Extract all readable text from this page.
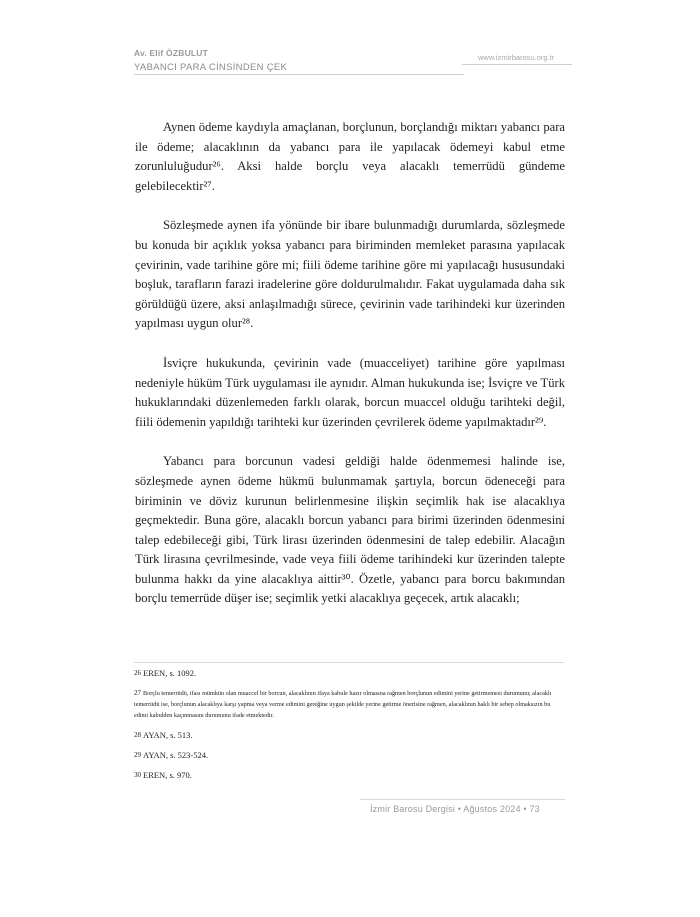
Av. Elif ÖZBULUT
YABANCI PARA CİNSİNDEN ÇEK
www.izmirbarosu.org.tr

Aynen ödeme kaydıyla amaçlanan, borçlunun, borçlandığı miktarı yabancı para ile ödeme; alacaklının da yabancı para ile yapılacak ödemeyi kabul etme zorunluluğudur²⁶. Aksi halde borçlu veya alacaklı temerrüdü gündeme gelebilecektir²⁷.

Sözleşmede aynen ifa yönünde bir ibare bulunmadığı durumlarda, sözleşmede bu konuda bir açıklık yoksa yabancı para biriminden memleket parasına yapılacak çevirinin, vade tarihine göre mi; fiili ödeme tarihine göre mi yapılacağı hususundaki boşluk, tarafların farazi iradelerine göre doldurulmalıdır. Fakat uygulamada daha sık görüldüğü üzere, aksi anlaşılmadığı sürece, çevirinin vade tarihindeki kur üzerinden yapılması uygun olur²⁸.

İsviçre hukukunda, çevirinin vade (muacceliyet) tarihine göre yapılması nedeniyle hüküm Türk uygulaması ile aynıdır. Alman hukukunda ise; İsviçre ve Türk hukuklarındaki düzenlemeden farklı olarak, borcun muaccel olduğu tarihteki değil, fiili ödemenin yapıldığı tarihteki kur üzerinden çevrilerek ödeme yapılmaktadır²⁹.

Yabancı para borcunun vadesi geldiği halde ödenmemesi halinde ise, sözleşmede aynen ödeme hükmü bulunmamak şartıyla, borcun ödeneceği para biriminin ve döviz kurunun belirlenmesine ilişkin seçimlik hak ise alacaklıya geçmektedir. Buna göre, alacaklı borcun yabancı para birimi üzerinden ödenmesini talep edebileceği gibi, Türk lirası üzerinden ödenmesini de talep edebilir. Alacağın Türk lirasına çevrilmesinde, vade veya fiili ödeme tarihindeki kur üzerinden talepte bulunma hakkı da yine alacaklıya aittir³⁰. Özetle, yabancı para borcu bakımından borçlu temerrüde düşer ise; seçimlik yetki alacaklıya geçecek, artık alacaklı;

$^{26}$ EREN, s. 1092.
$^{27}$ Borçlu temerrüdü, ifası mümkün olan muaccel bir borcun, alacaklının ifaya kabule hazır olmasına rağmen borçlunun edimini yerine getirmemesi durumunu; alacaklı temerrüdü ise, borçlunun alacaklıya karşı yapma veya verme edimini gereğine uygun şekilde yerine getirme önerisine rağmen, alacaklının haklı bir sebep olmaksızın bu edimi kabulden kaçınmasını durumunu ifade etmektedir.
$^{28}$ AYAN, s. 513.
$^{29}$ AYAN, s. 523-524.
$^{30}$ EREN, s. 970.
İzmir Barosu Dergisi • Ağustos 2024 • 73
